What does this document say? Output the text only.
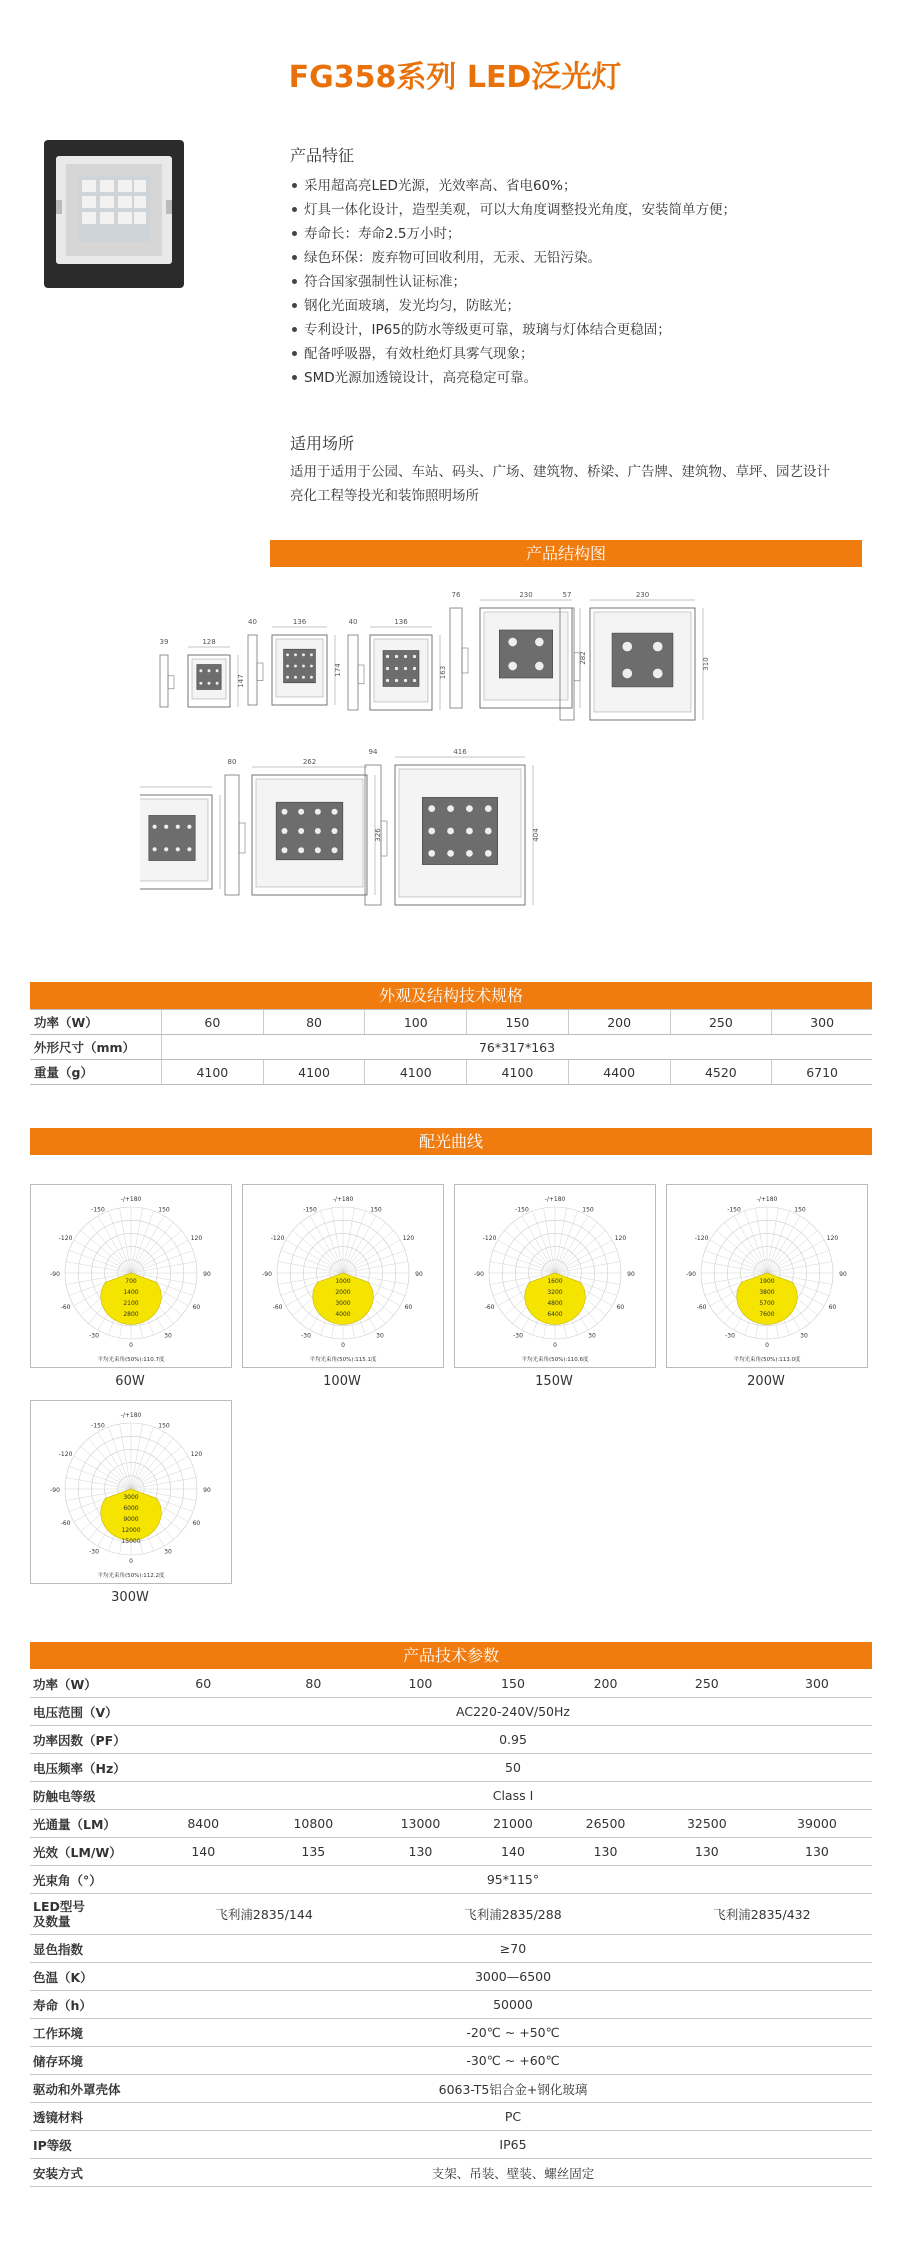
FG358系列 LED泛光灯
产品特征
采用超高亮LED光源，光效率高、省电60%；
灯具一体化设计，造型美观，可以大角度调整投光角度，安装简单方便；
寿命长：寿命2.5万小时；
绿色环保：废弃物可回收利用，无汞、无铅污染。
符合国家强制性认证标准；
钢化光面玻璃，发光均匀，防眩光；
专利设计，IP65的防水等级更可靠，玻璃与灯体结合更稳固；
配备呼吸器，有效杜绝灯具雾气现象；
SMD光源加透镜设计，高亮稳定可靠。
适用场所
适用于适用于公园、车站、码头、广场、建筑物、桥梁、广告牌、建筑物、草坪、园艺设计亮化工程等投光和装饰照明场所
产品结构图
39	128
147
40	136
174
40	136
163
76	230
282
57	230
310
80	262
326
94	416
404
外观及结构技术规格
功率（W）	60	80	100	150	200	250	300
外形尺寸（mm）	76*317*163						
重量（g）	4100	4100	4100	4100	4400	4520	6710
配光曲线
-/+180
-150	150
-120	120
-90	90
-60	60
-30	30
0
700
1400
2100
2800
平均光束角(50%):110.7度
60W
-/+180
-150	150
-120	120
-90	90
-60	60
-30	30
0
1000
2000
3000
4000
平均光束角(50%):115.1度
100W
-/+180
-150	150
-120	120
-90	90
-60	60
-30	30
0
1600
3200
4800
6400
平均光束角(50%):110.6度
150W
-/+180
-150	150
-120	120
-90	90
-60	60
-30	30
0
1900
3800
5700
7600
平均光束角(50%):113.0度
200W
-/+180
-150	150
-120	120
-90	90
-60	60
-30	30
0
3000
6000
9000
12000
15000
平均光束角(50%):112.2度
300W
产品技术参数
功率（W）	60	80	100	150	200	250	300
电压范围（V）	AC220-240V/50Hz						
功率因数（PF）	0.95						
电压频率（Hz）	50						
防触电等级	Class Ⅰ						
光通量（LM）	8400	10800	13000	21000	26500	32500	39000
光效（LM/W）	140	135	130	140	130	130	130
光束角（°）	95*115°						
LED型号
及数量	飞利浦2835/144		飞利浦2835/288			飞利浦2835/432	
显色指数	≥70						
色温（K）	3000—6500						
寿命（h）	50000						
工作环境	-20℃ ~ +50℃						
储存环境	-30℃ ~ +60℃						
驱动和外罩壳体	6063-T5铝合金+钢化玻璃						
透镜材料	PC						
IP等级	IP65						
安装方式	支架、吊装、壁装、螺丝固定						
